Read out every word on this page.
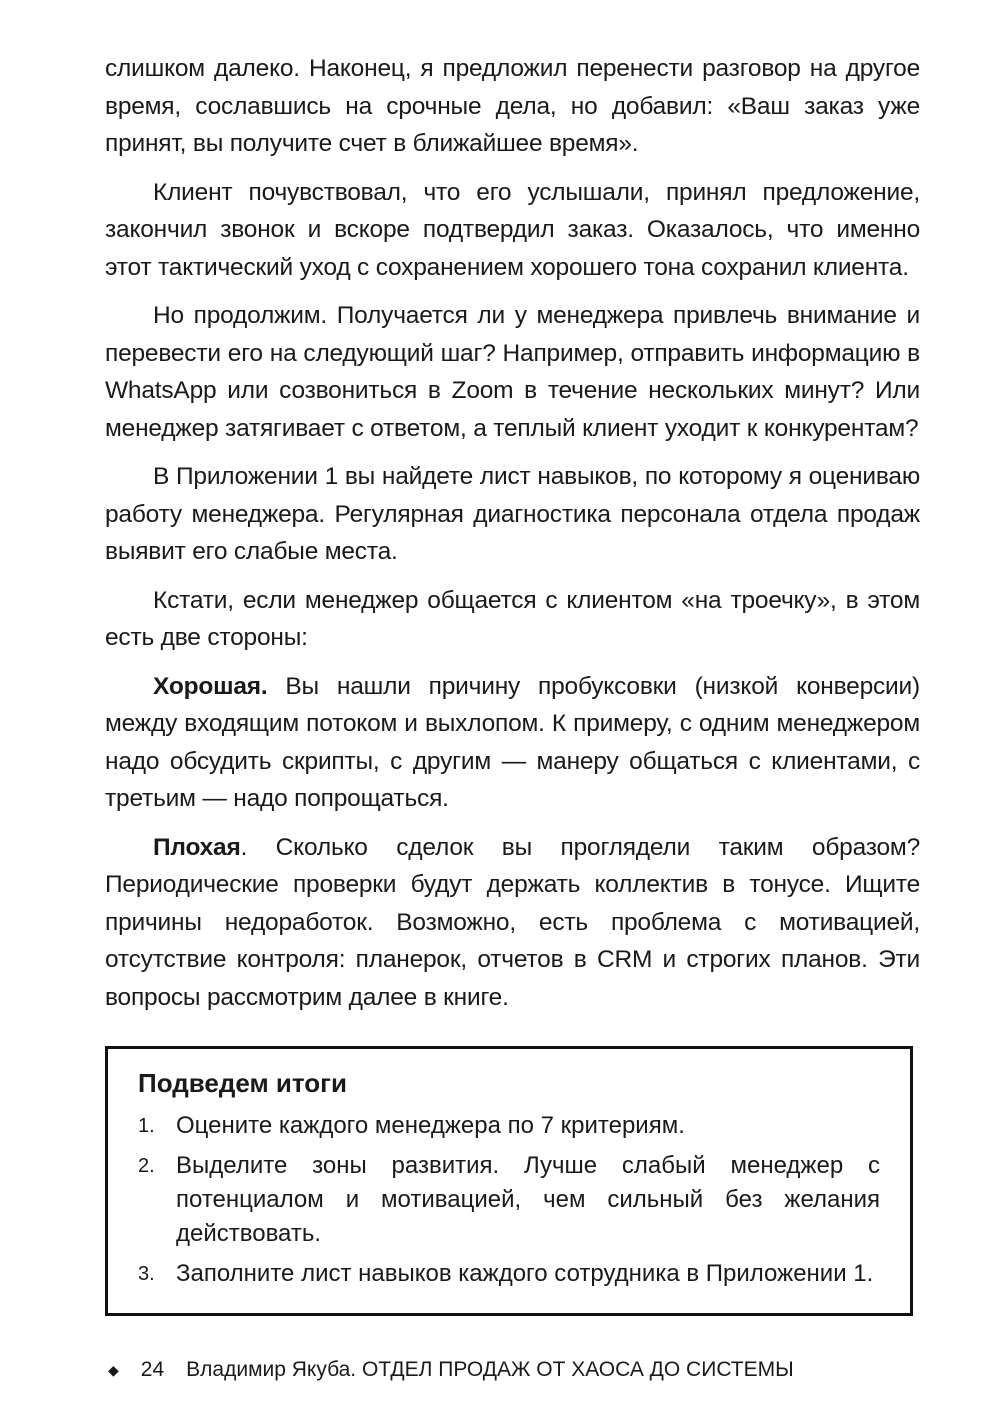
слишком далеко. Наконец, я предложил перенести разговор на другое время, сославшись на срочные дела, но добавил: «Ваш заказ уже принят, вы получите счет в ближайшее время».

Клиент почувствовал, что его услышали, принял предложение, закончил звонок и вскоре подтвердил заказ. Оказалось, что именно этот тактический уход с сохранением хорошего тона сохранил клиента.

Но продолжим. Получается ли у менеджера привлечь внимание и перевести его на следующий шаг? Например, отправить информацию в WhatsApp или созвониться в Zoom в течение нескольких минут? Или менеджер затягивает с ответом, а теплый клиент уходит к конкурентам?

В Приложении 1 вы найдете лист навыков, по которому я оцениваю работу менеджера. Регулярная диагностика персонала отдела продаж выявит его слабые места.

Кстати, если менеджер общается с клиентом «на троечку», в этом есть две стороны:

Хорошая. Вы нашли причину пробуксовки (низкой конверсии) между входящим потоком и выхлопом. К примеру, с одним менеджером надо обсудить скрипты, с другим — манеру общаться с клиентами, с третьим — надо попрощаться.

Плохая. Сколько сделок вы проглядели таким образом? Периодические проверки будут держать коллектив в тонусе. Ищите причины недоработок. Возможно, есть проблема с мотивацией, отсутствие контроля: планерок, отчетов в CRM и строгих планов. Эти вопросы рассмотрим далее в книге.

Подведем итоги
1. Оцените каждого менеджера по 7 критериям.
2. Выделите зоны развития. Лучше слабый менеджер с потенциалом и мотивацией, чем сильный без желания действовать.
3. Заполните лист навыков каждого сотрудника в Приложении 1.
◆ 24 Владимир Якуба. ОТДЕЛ ПРОДАЖ ОТ ХАОСА ДО СИСТЕМЫ
